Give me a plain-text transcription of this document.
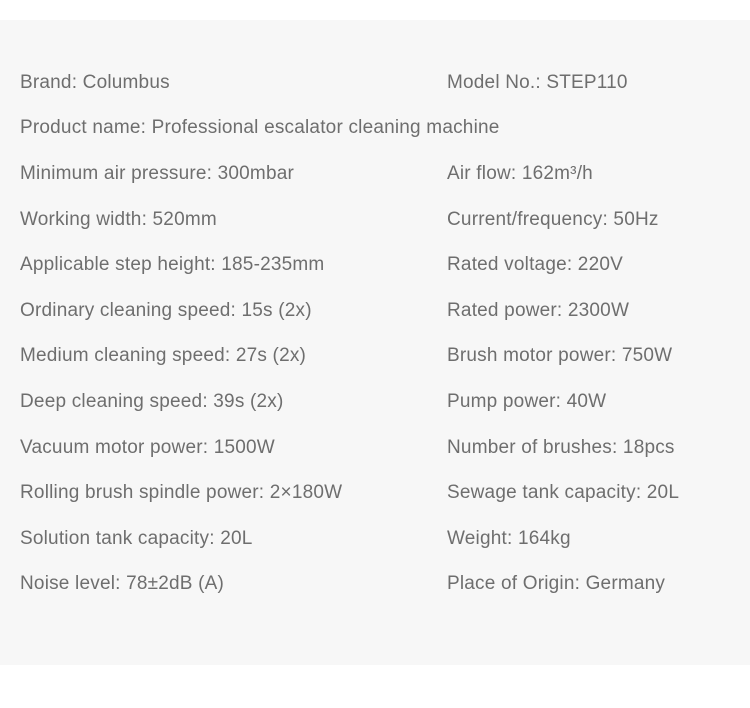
Brand: Columbus	Model No.: STEP110
Product name: Professional escalator cleaning machine
Minimum air pressure: 300mbar	Air flow: 162m³/h
Working width: 520mm	Current/frequency: 50Hz
Applicable step height: 185-235mm	Rated voltage: 220V
Ordinary cleaning speed: 15s (2x)	Rated power: 2300W
Medium cleaning speed: 27s (2x)	Brush motor power: 750W
Deep cleaning speed: 39s (2x)	Pump power: 40W
Vacuum motor power: 1500W	Number of brushes: 18pcs
Rolling brush spindle power: 2×180W	Sewage tank capacity: 20L
Solution tank capacity: 20L	Weight: 164kg
Noise level: 78±2dB (A)	Place of Origin: Germany
